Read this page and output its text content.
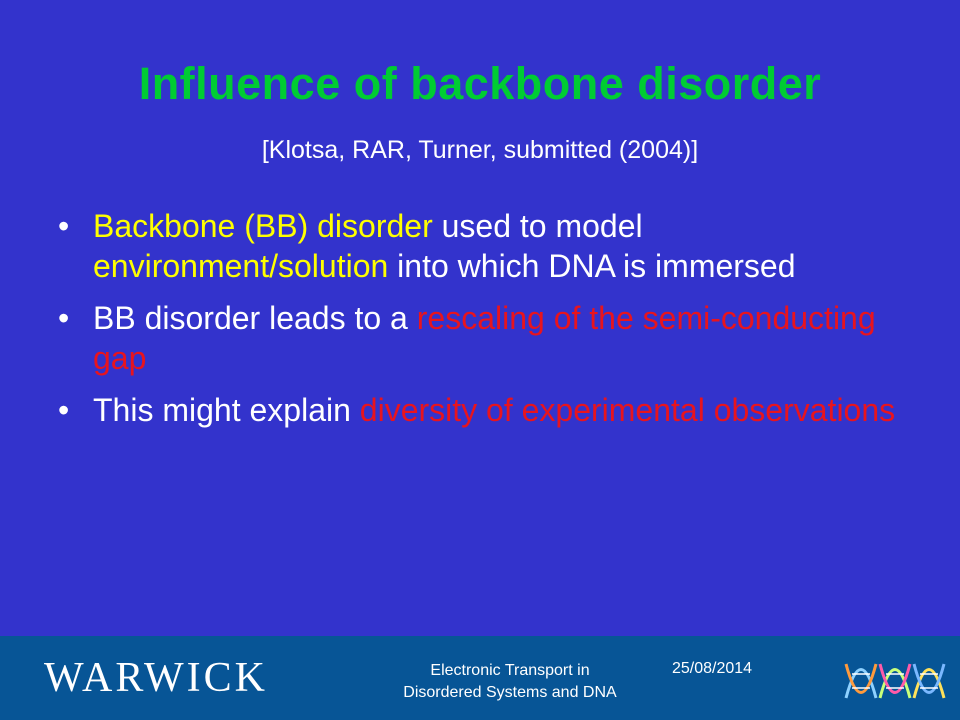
Influence of backbone disorder
[Klotsa, RAR, Turner, submitted (2004)]
• Backbone (BB) disorder used to model environment/solution into which DNA is immersed
• BB disorder leads to a rescaling of the semi-conducting gap
• This might explain diversity of experimental observations
WARWICK	Electronic Transport in
Disordered Systems and DNA
25/08/2014
